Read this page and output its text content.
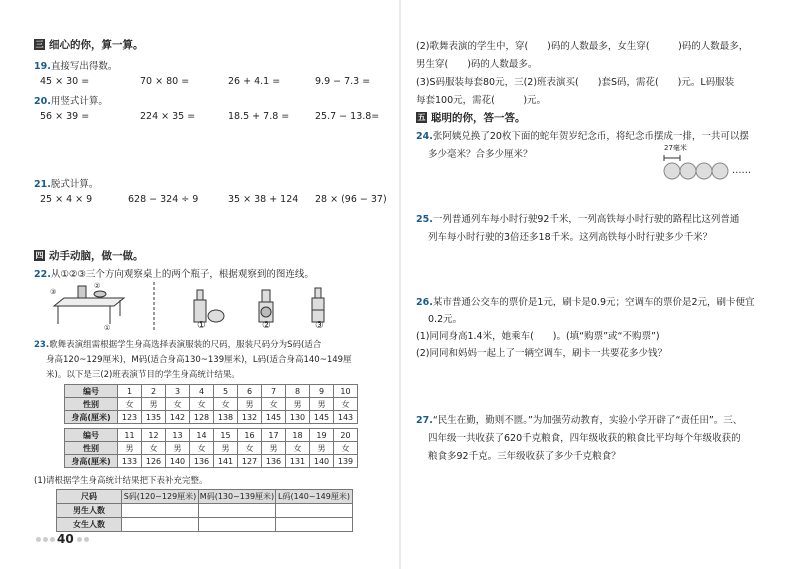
三 细心的你，算一算。
19.直接写出得数。
45 × 30 =	70 × 80 =	26 + 4.1 =	9.9 − 7.3 =
20.用竖式计算。
56 × 39 =	224 × 35 =	18.5 + 7.8 =	25.7 − 13.8=
21.脱式计算。
25 × 4 × 9	628 − 324 ÷ 9	35 × 38 + 124 28 × (96 − 37)
四 动手动脑，做一做。
22.从①②③三个方向观察桌上的两个瓶子，根据观察到的图连线。
②
③
①	①	②	③
23.歌舞表演组需根据学生身高选择表演服装的尺码，服装尺码分为S码(适合
身高120~129厘米)，M码(适合身高130~139厘米)，L码(适合身高140~149厘
米)。以下是三(2)班表演节目的学生身高统计结果。
编号	1	2	3	4	5	6	7	8	9	10
性别	女	男	女	女	女	男	女	男	男	女
身高(厘米)	123	135	142	128	138	132	145	130	145	143
编号	11	12	13	14	15	16	17	18	19	20
性别	男	女	男	女	男	女	男	女	男	女
身高(厘米)	133	126	140	136	141	127	136	131	140	139
(1)请根据学生身高统计结果把下表补充完整。
尺码	S码(120~129厘米)	M码(130~139厘米)	L码(140~149厘米)
男生人数			
女生人数			
40
(2)歌舞表演的学生中，穿(　　)码的人数最多，女生穿(　　　)码的人数最多，
男生穿(　　)码的人数最多。
(3)S码服装每套80元，三(2)班表演买(　　)套S码，需花(　　)元。L码服装
每套100元，需花(　　　)元。
五 聪明的你，答一答。
24.张阿姨兑换了20枚下面的蛇年贺岁纪念币，将纪念币摆成一排，一共可以摆
多少毫米？合多少厘米？
27毫米
……
25.一列普通列车每小时行驶92千米，一列高铁每小时行驶的路程比这列普通
列车每小时行驶的3倍还多18千米。这列高铁每小时行驶多少千米？
26.某市普通公交车的票价是1元，刷卡是0.9元；空调车的票价是2元，刷卡便宜
0.2元。
(1)同同身高1.4米，她乘车(　　)。(填“购票”或“不购票”)
(2)同同和妈妈一起上了一辆空调车，刷卡一共要花多少钱？
27.“民生在勤，勤则不匮。”为加强劳动教育，实验小学开辟了“责任田”。三、
四年级一共收获了620千克粮食，四年级收获的粮食比平均每个年级收获的
粮食多92千克。三年级收获了多少千克粮食？
